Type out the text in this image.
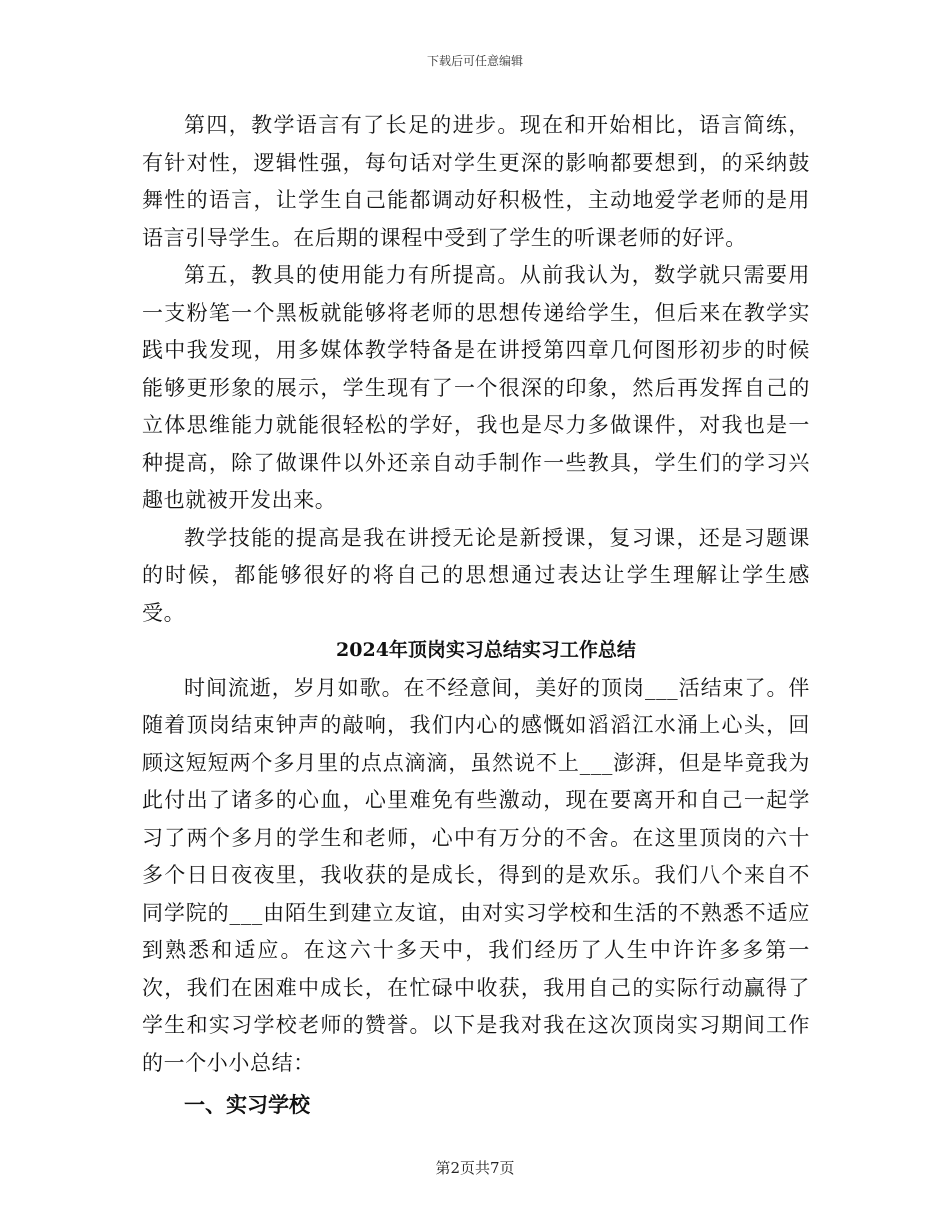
下载后可任意编辑

第四，教学语言有了长足的进步。现在和开始相比，语言简练，有针对性，逻辑性强，每句话对学生更深的影响都要想到，的采纳鼓舞性的语言，让学生自己能都调动好积极性，主动地爱学老师的是用语言引导学生。在后期的课程中受到了学生的听课老师的好评。

第五，教具的使用能力有所提高。从前我认为，数学就只需要用一支粉笔一个黑板就能够将老师的思想传递给学生，但后来在教学实践中我发现，用多媒体教学特备是在讲授第四章几何图形初步的时候能够更形象的展示，学生现有了一个很深的印象，然后再发挥自己的立体思维能力就能很轻松的学好，我也是尽力多做课件，对我也是一种提高，除了做课件以外还亲自动手制作一些教具，学生们的学习兴趣也就被开发出来。

教学技能的提高是我在讲授无论是新授课，复习课，还是习题课的时候，都能够很好的将自己的思想通过表达让学生理解让学生感受。

2024年顶岗实习总结实习工作总结

时间流逝，岁月如歌。在不经意间，美好的顶岗___活结束了。伴随着顶岗结束钟声的敲响，我们内心的感慨如滔滔江水涌上心头，回顾这短短两个多月里的点点滴滴，虽然说不上___澎湃，但是毕竟我为此付出了诸多的心血，心里难免有些激动，现在要离开和自己一起学习了两个多月的学生和老师，心中有万分的不舍。在这里顶岗的六十多个日日夜夜里，我收获的是成长，得到的是欢乐。我们八个来自不同学院的___由陌生到建立友谊，由对实习学校和生活的不熟悉不适应到熟悉和适应。在这六十多天中，我们经历了人生中许许多多第一次，我们在困难中成长，在忙碌中收获，我用自己的实际行动赢得了学生和实习学校老师的赞誉。以下是我对我在这次顶岗实习期间工作的一个小小总结：

一、实习学校
第2页共7页
